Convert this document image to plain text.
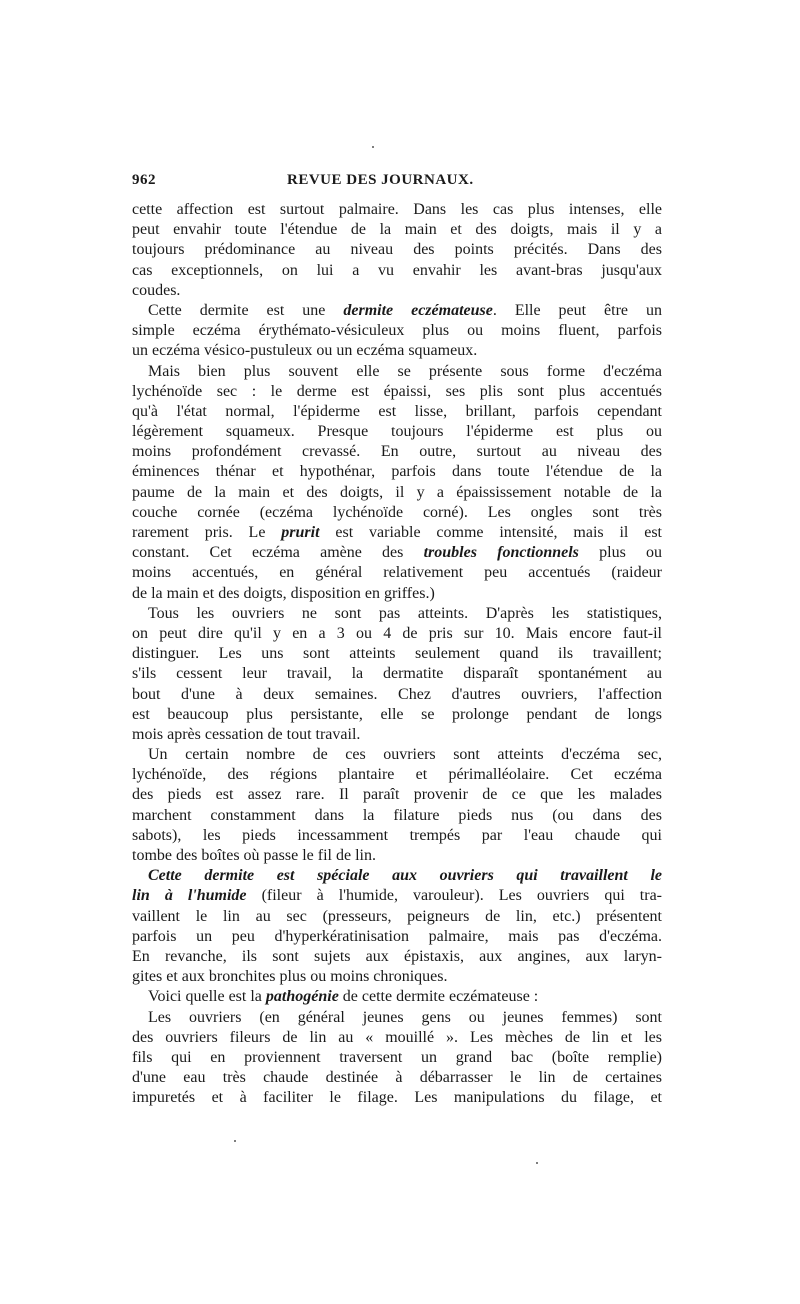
962	REVUE DES JOURNAUX.
cette affection est surtout palmaire. Dans les cas plus intenses, elle
peut envahir toute l'étendue de la main et des doigts, mais il y a
toujours prédominance au niveau des points précités. Dans des
cas exceptionnels, on lui a vu envahir les avant-bras jusqu'aux
coudes.
Cette dermite est une dermite eczémateuse. Elle peut être un
simple eczéma érythémato-vésiculeux plus ou moins fluent, parfois
un eczéma vésico-pustuleux ou un eczéma squameux.
Mais bien plus souvent elle se présente sous forme d'eczéma
lychénoïde sec : le derme est épaissi, ses plis sont plus accentués
qu'à l'état normal, l'épiderme est lisse, brillant, parfois cependant
légèrement squameux. Presque toujours l'épiderme est plus ou
moins profondément crevassé. En outre, surtout au niveau des
éminences thénar et hypothénar, parfois dans toute l'étendue de la
paume de la main et des doigts, il y a épaississement notable de la
couche cornée (eczéma lychénoïde corné). Les ongles sont très
rarement pris. Le prurit est variable comme intensité, mais il est
constant. Cet eczéma amène des troubles fonctionnels plus ou
moins accentués, en général relativement peu accentués (raideur
de la main et des doigts, disposition en griffes.)
Tous les ouvriers ne sont pas atteints. D'après les statistiques,
on peut dire qu'il y en a 3 ou 4 de pris sur 10. Mais encore faut-il
distinguer. Les uns sont atteints seulement quand ils travaillent;
s'ils cessent leur travail, la dermatite disparaît spontanément au
bout d'une à deux semaines. Chez d'autres ouvriers, l'affection
est beaucoup plus persistante, elle se prolonge pendant de longs
mois après cessation de tout travail.
Un certain nombre de ces ouvriers sont atteints d'eczéma sec,
lychénoïde, des régions plantaire et périmalléolaire. Cet eczéma
des pieds est assez rare. Il paraît provenir de ce que les malades
marchent constamment dans la filature pieds nus (ou dans des
sabots), les pieds incessamment trempés par l'eau chaude qui
tombe des boîtes où passe le fil de lin.
Cette dermite est spéciale aux ouvriers qui travaillent le
lin à l'humide (fileur à l'humide, varouleur). Les ouvriers qui tra-
vaillent le lin au sec (presseurs, peigneurs de lin, etc.) présentent
parfois un peu d'hyperkératinisation palmaire, mais pas d'eczéma.
En revanche, ils sont sujets aux épistaxis, aux angines, aux laryn-
gites et aux bronchites plus ou moins chroniques.
Voici quelle est la pathogénie de cette dermite eczémateuse :
Les ouvriers (en général jeunes gens ou jeunes femmes) sont
des ouvriers fileurs de lin au « mouillé ». Les mèches de lin et les
fils qui en proviennent traversent un grand bac (boîte remplie)
d'une eau très chaude destinée à débarrasser le lin de certaines
impuretés et à faciliter le filage. Les manipulations du filage, et
